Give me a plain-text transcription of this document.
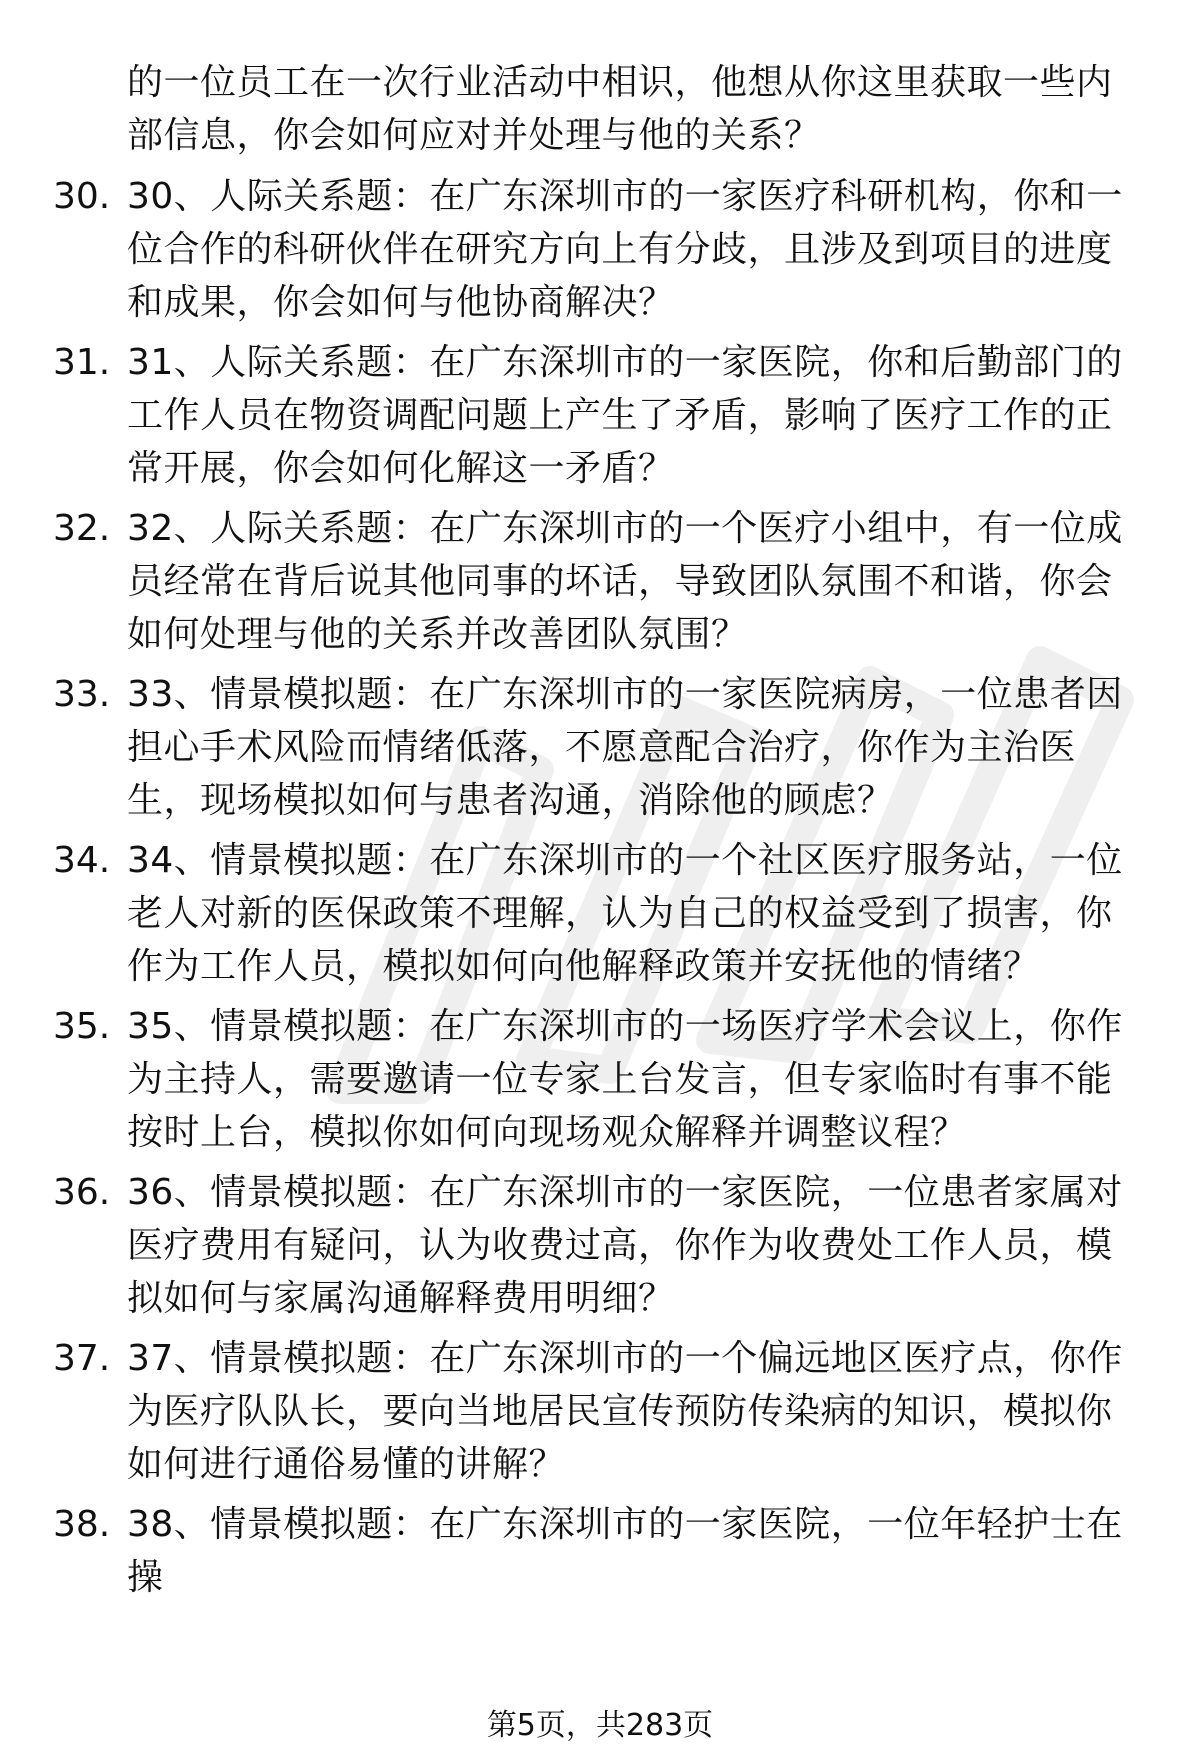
的一位员工在一次行业活动中相识，他想从你这里获取一些内部信息，你会如何应对并处理与他的关系？
30. 30、人际关系题：在广东深圳市的一家医疗科研机构，你和一位合作的科研伙伴在研究方向上有分歧，且涉及到项目的进度和成果，你会如何与他协商解决？
31. 31、人际关系题：在广东深圳市的一家医院，你和后勤部门的工作人员在物资调配问题上产生了矛盾，影响了医疗工作的正常开展，你会如何化解这一矛盾？
32. 32、人际关系题：在广东深圳市的一个医疗小组中，有一位成员经常在背后说其他同事的坏话，导致团队氛围不和谐，你会如何处理与他的关系并改善团队氛围？
33. 33、情景模拟题：在广东深圳市的一家医院病房，一位患者因担心手术风险而情绪低落，不愿意配合治疗，你作为主治医生，现场模拟如何与患者沟通，消除他的顾虑？
34. 34、情景模拟题：在广东深圳市的一个社区医疗服务站，一位老人对新的医保政策不理解，认为自己的权益受到了损害，你作为工作人员，模拟如何向他解释政策并安抚他的情绪？
35. 35、情景模拟题：在广东深圳市的一场医疗学术会议上，你作为主持人，需要邀请一位专家上台发言，但专家临时有事不能按时上台，模拟你如何向现场观众解释并调整议程？
36. 36、情景模拟题：在广东深圳市的一家医院，一位患者家属对医疗费用有疑问，认为收费过高，你作为收费处工作人员，模拟如何与家属沟通解释费用明细？
37. 37、情景模拟题：在广东深圳市的一个偏远地区医疗点，你作为医疗队队长，要向当地居民宣传预防传染病的知识，模拟你如何进行通俗易懂的讲解？
38. 38、情景模拟题：在广东深圳市的一家医院，一位年轻护士在操
第5页，共283页
